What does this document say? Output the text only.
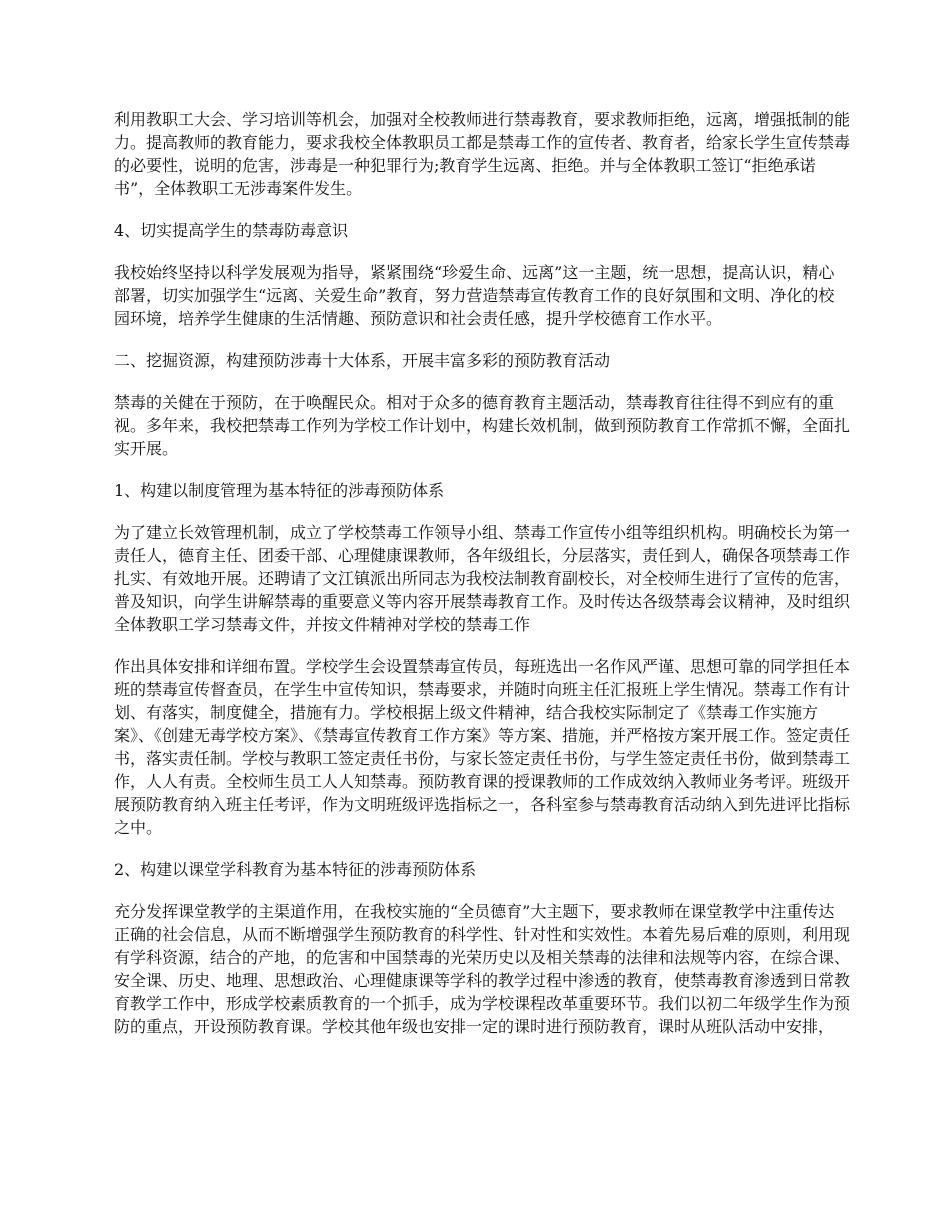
利用教职工大会、学习培训等机会，加强对全校教师进行禁毒教育，要求教师拒绝，远离，增强抵制的能力。提高教师的教育能力，要求我校全体教职员工都是禁毒工作的宣传者、教育者，给家长学生宣传禁毒的必要性，说明的危害，涉毒是一种犯罪行为;教育学生远离、拒绝。并与全体教职工签订“拒绝承诺书”，全体教职工无涉毒案件发生。

4、切实提高学生的禁毒防毒意识

我校始终坚持以科学发展观为指导，紧紧围绕“珍爱生命、远离”这一主题，统一思想，提高认识，精心部署，切实加强学生“远离、关爱生命”教育，努力营造禁毒宣传教育工作的良好氛围和文明、净化的校园环境，培养学生健康的生活情趣、预防意识和社会责任感，提升学校德育工作水平。

二、挖掘资源，构建预防涉毒十大体系，开展丰富多彩的预防教育活动

禁毒的关健在于预防，在于唤醒民众。相对于众多的德育教育主题活动，禁毒教育往往得不到应有的重视。多年来，我校把禁毒工作列为学校工作计划中，构建长效机制，做到预防教育工作常抓不懈，全面扎实开展。

1、构建以制度管理为基本特征的涉毒预防体系

为了建立长效管理机制，成立了学校禁毒工作领导小组、禁毒工作宣传小组等组织机构。明确校长为第一责任人，德育主任、团委干部、心理健康课教师，各年级组长，分层落实，责任到人，确保各项禁毒工作扎实、有效地开展。还聘请了文江镇派出所同志为我校法制教育副校长，对全校师生进行了宣传的危害，普及知识，向学生讲解禁毒的重要意义等内容开展禁毒教育工作。及时传达各级禁毒会议精神，及时组织全体教职工学习禁毒文件，并按文件精神对学校的禁毒工作

作出具体安排和详细布置。学校学生会设置禁毒宣传员，每班选出一名作风严谨、思想可靠的同学担任本班的禁毒宣传督查员，在学生中宣传知识，禁毒要求，并随时向班主任汇报班上学生情况。禁毒工作有计划、有落实，制度健全，措施有力。学校根据上级文件精神，结合我校实际制定了《禁毒工作实施方案》、《创建无毒学校方案》、《禁毒宣传教育工作方案》等方案、措施，并严格按方案开展工作。签定责任书，落实责任制。学校与教职工签定责任书份，与家长签定责任书份，与学生签定责任书份，做到禁毒工作，人人有责。全校师生员工人人知禁毒。预防教育课的授课教师的工作成效纳入教师业务考评。班级开展预防教育纳入班主任考评，作为文明班级评选指标之一，各科室参与禁毒教育活动纳入到先进评比指标之中。

2、构建以课堂学科教育为基本特征的涉毒预防体系

充分发挥课堂教学的主渠道作用，在我校实施的“全员德育”大主题下，要求教师在课堂教学中注重传达正确的社会信息，从而不断增强学生预防教育的科学性、针对性和实效性。本着先易后难的原则，利用现有学科资源，结合的产地，的危害和中国禁毒的光荣历史以及相关禁毒的法律和法规等内容，在综合课、安全课、历史、地理、思想政治、心理健康课等学科的教学过程中渗透的教育，使禁毒教育渗透到日常教育教学工作中，形成学校素质教育的一个抓手，成为学校课程改革重要环节。我们以初二年级学生作为预防的重点，开设预防教育课。学校其他年级也安排一定的课时进行预防教育，课时从班队活动中安排，
